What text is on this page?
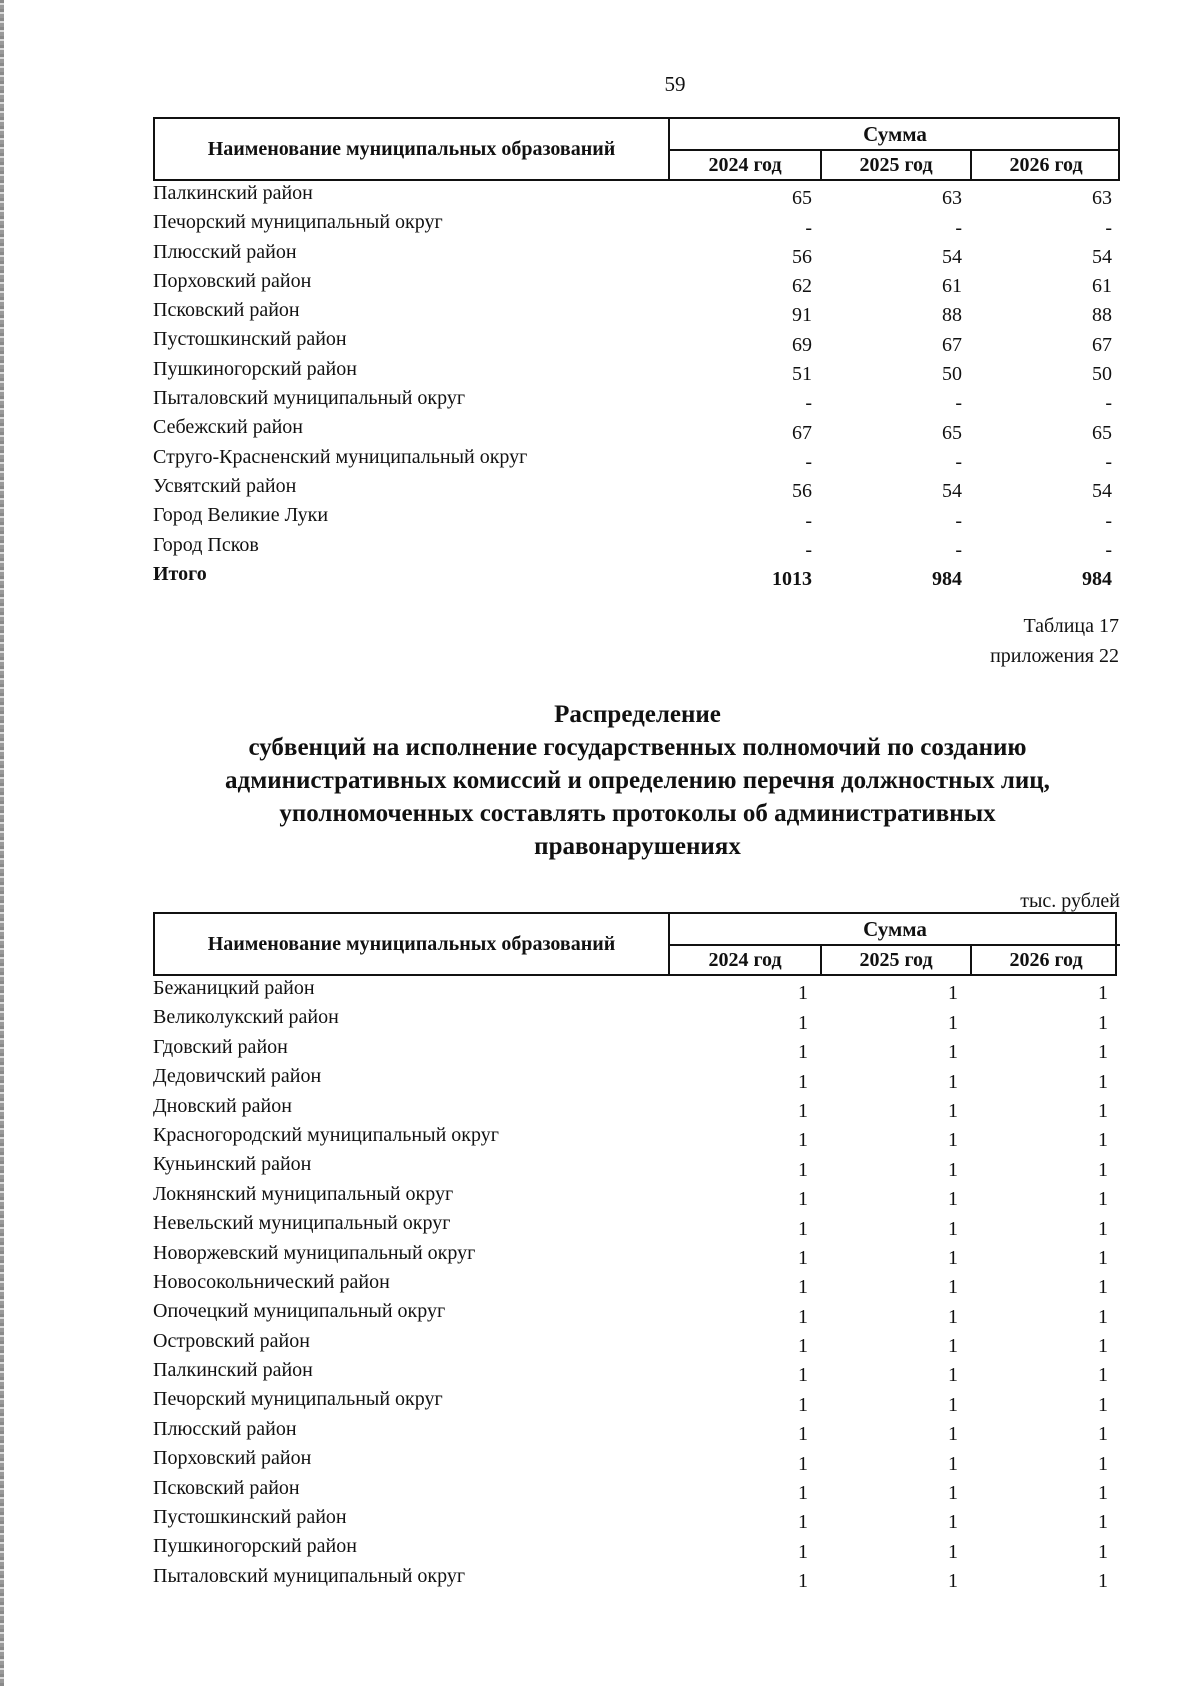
59
Наименование муниципальных образований
Сумма
2024 год	2025 год	2026 год
Палкинский район	65	63	63
Печорский муниципальный округ	-	-	-
Плюсский район	56	54	54
Порховский район	62	61	61
Псковский район	91	88	88
Пустошкинский район	69	67	67
Пушкиногорский район	51	50	50
Пыталовский муниципальный округ	-	-	-
Себежский район	67	65	65
Струго-Красненский муниципальный округ	-	-	-
Усвятский район	56	54	54
Город Великие Луки	-	-	-
Город Псков	-	-	-
Итого	1013	984	984
Таблица 17
приложения 22
Распределение
субвенций на исполнение государственных полномочий по созданию
административных комиссий и определению перечня должностных лиц,
уполномоченных составлять протоколы об административных
правонарушениях
тыс. рублей
Наименование муниципальных образований
Сумма
2024 год	2025 год	2026 год
Бежаницкий район	1	1	1
Великолукский район	1	1	1
Гдовский район	1	1	1
Дедовичский район	1	1	1
Дновский район	1	1	1
Красногородский муниципальный округ	1	1	1
Куньинский район	1	1	1
Локнянский муниципальный округ	1	1	1
Невельский муниципальный округ	1	1	1
Новоржевский муниципальный округ	1	1	1
Новосокольнический район	1	1	1
Опочецкий муниципальный округ	1	1	1
Островский район	1	1	1
Палкинский район	1	1	1
Печорский муниципальный округ	1	1	1
Плюсский район	1	1	1
Порховский район	1	1	1
Псковский район	1	1	1
Пустошкинский район	1	1	1
Пушкиногорский район	1	1	1
Пыталовский муниципальный округ	1	1	1
